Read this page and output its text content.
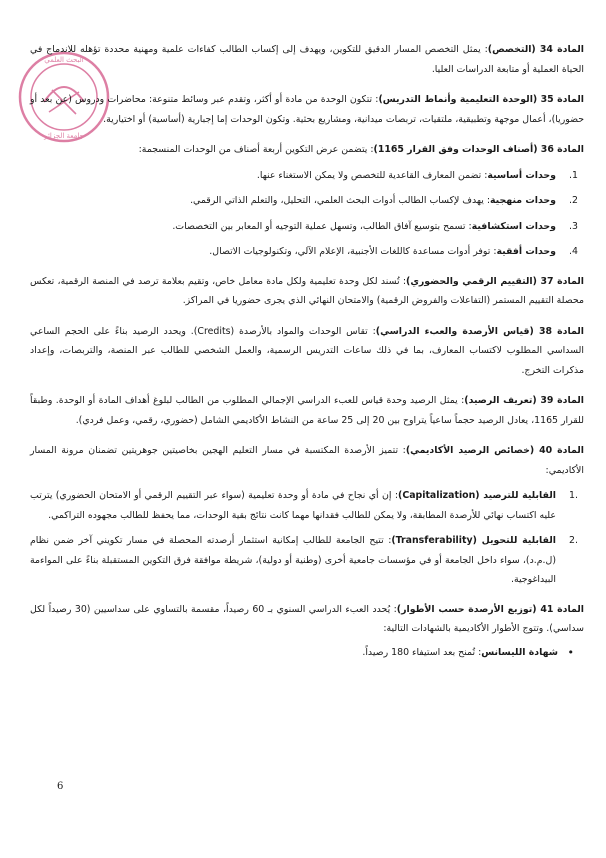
البحث العلمي
جامعة الجزائر

المادة 34 (التخصص): يمثل التخصص المسار الدقيق للتكوين، ويهدف إلى إكساب الطالب كفاءات علمية ومهنية محددة تؤهله للاندماج في الحياة العملية أو متابعة الدراسات العليا.

المادة 35 (الوحدة التعليمية وأنماط التدريس): تتكون الوحدة من مادة أو أكثر، وتقدم عبر وسائط متنوعة: محاضرات ودروس (عن بعد أو حضوريا)، أعمال موجهة وتطبيقية، ملتقيات، تربصات ميدانية، ومشاريع بحثية. وتكون الوحدات إما إجبارية (أساسية) أو اختيارية.

المادة 36 (أصناف الوحدات وفق القرار 1165): يتضمن عرض التكوين أربعة أصناف من الوحدات المنسجمة:

1.
وحدات أساسية: تضمن المعارف القاعدية للتخصص ولا يمكن الاستغناء عنها.
2.
وحدات منهجية: يهدف لإكساب الطالب أدوات البحث العلمي، التحليل، والتعلم الذاتي الرقمي.
3.
وحدات استكشافية: تسمح بتوسيع آفاق الطالب، وتسهل عملية التوجيه أو المعابر بين التخصصات.
4.
وحدات أفقية: توفر أدوات مساعدة كاللغات الأجنبية، الإعلام الآلي، وتكنولوجيات الاتصال.

المادة 37 (التقييم الرقمي والحضوري): تُسند لكل وحدة تعليمية ولكل مادة معامل خاص، وتقيم بعلامة ترصد في المنصة الرقمية، تعكس محصلة التقييم المستمر (التفاعلات والفروض الرقمية) والامتحان النهائي الذي يجرى حضوريا في المراكز.

المادة 38 (قياس الأرصدة والعبء الدراسي): تقاس الوحدات والمواد بالأرصدة (Credits). ويحدد الرصيد بناءً على الحجم الساعي السداسي المطلوب لاكتساب المعارف، بما في ذلك ساعات التدريس الرسمية، والعمل الشخصي للطالب عبر المنصة، والتربصات، وإعداد مذكرات التخرج.

المادة 39 (تعريف الرصيد): يمثل الرصيد وحدة قياس للعبء الدراسي الإجمالي المطلوب من الطالب لبلوغ أهداف المادة أو الوحدة. وطبقاً للقرار 1165، يعادل الرصيد حجماً ساعياً يتراوح بين 20 إلى 25 ساعة من النشاط الأكاديمي الشامل (حضوري، رقمي، وعمل فردي).

المادة 40 (خصائص الرصيد الأكاديمي): تتميز الأرصدة المكتسبة في مسار التعليم الهجين بخاصيتين جوهريتين تضمنان مرونة المسار الأكاديمي:

.1
القابلية للترصيد (Capitalization): إن أي نجاح في مادة أو وحدة تعليمية (سواء عبر التقييم الرقمي أو الامتحان الحضوري) يترتب عليه اكتساب نهائي للأرصدة المطابقة، ولا يمكن للطالب فقدانها مهما كانت نتائج بقية الوحدات، مما يحفظ للطالب مجهوده التراكمي.
.2
القابلية للتحويل (Transferability): تتيح الجامعة للطالب إمكانية استثمار أرصدته المحصلة في مسار تكويني آخر ضمن نظام (ل.م.د)، سواء داخل الجامعة أو في مؤسسات جامعية أخرى (وطنية أو دولية)، شريطة موافقة فرق التكوين المستقبلة بناءً على المواءمة البيداغوجية.

المادة 41 (توزيع الأرصدة حسب الأطوار): يُحدد العبء الدراسي السنوي بـ 60 رصيداً، مقسمة بالتساوي على سداسيين (30 رصيداً لكل سداسي). وتتوج الأطوار الأكاديمية بالشهادات التالية:

•
شهادة الليسانس: تُمنح بعد استيفاء 180 رصيداً.
6
